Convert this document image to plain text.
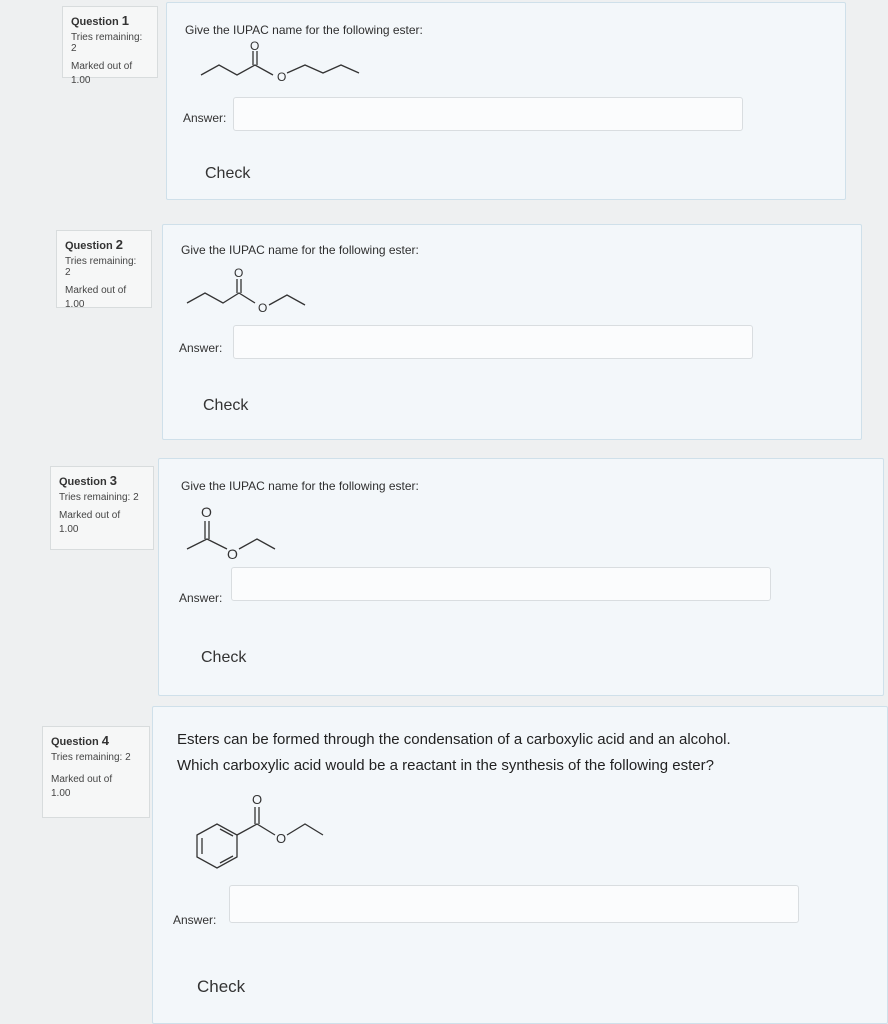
Question 1
Tries remaining: 2
Marked out of
1.00
Give the IUPAC name for the following ester:
O
O
Answer:
Check
Question 2
Tries remaining: 2
Marked out of
1.00
Give the IUPAC name for the following ester:
O
O
Answer:
Check
Question 3
Tries remaining: 2
Marked out of
1.00
Give the IUPAC name for the following ester:
O
O
Answer:
Check
Question 4
Tries remaining: 2
Marked out of
1.00
Esters can be formed through the condensation of a carboxylic acid and an alcohol.
Which carboxylic acid would be a reactant in the synthesis of the following ester?
O
O
Answer:
Check
